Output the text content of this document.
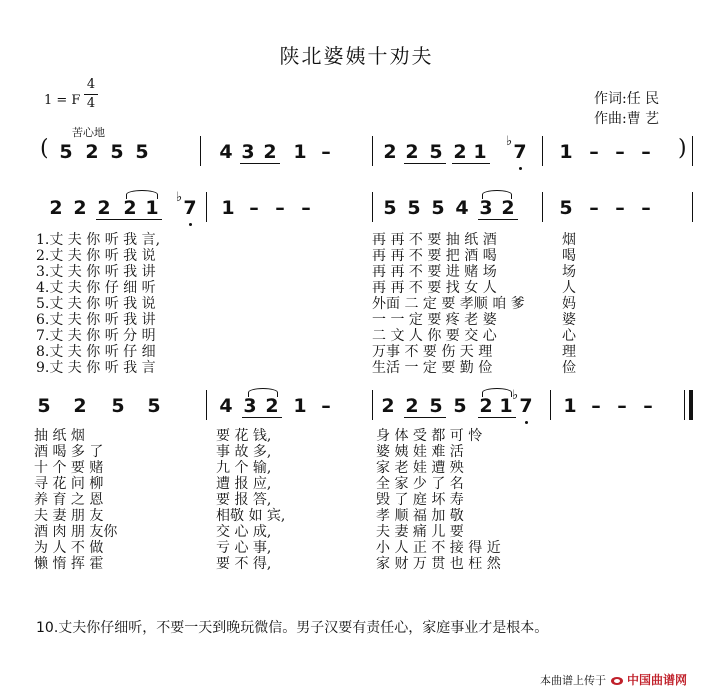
陕北婆姨十劝夫
1 = F
4
4	作词:任 民
作曲:曹 艺
苦心地
( 5 2 5 5	4 3 2 1 –	2 2 5 2 1 ♭ 7 1 – – – )
2 2 2 2 1 ♭ 7 1 – – –	5 5 5 4 3 2 5 – – –
1.丈 夫 你 听 我 言,
2.丈 夫 你 听 我 说
3.丈 夫 你 听 我 讲
4.丈 夫 你 仔 细 听
5.丈 夫 你 听 我 说
6.丈 夫 你 听 我 讲
7.丈 夫 你 听 分 明
8.丈 夫 你 听 仔 细
9.丈 夫 你 听 我 言
再 再 不 要 抽 纸 酒
再 再 不 要 把 酒 喝
再 再 不 要 进 赌 场
再 再 不 要 找 女 人
外面 二 定 要 孝顺 咱 爹
一 一 定 要 疼 老 婆
二 文 人 你 要 交 心
万事 不 要 伤 天 理
生活 一 定 要 勤 俭
烟
喝
场
人
妈
婆
心
理
俭
5 2 5 5	4 3 2 1 –	2 2 5 5 2 1 ♭ 7 1 – – –
抽 纸 烟
酒 喝 多 了
十 个 要 赌
寻 花 问 柳
养 育 之 恩
夫 妻 朋 友
酒 肉 朋 友你
为 人 不 做
懒 惰 挥 霍
要 花 钱,
事 故 多,
九 个 输,
遭 报 应,
要 报 答,
相敬 如 宾,
交 心 成,
亏 心 事,
要 不 得,
身 体 受 都 可 怜
婆 姨 娃 难 活
家 老 娃 遭 殃
全 家 少 了 名
毁 了 庭 坏 寿
孝 顺 福 加 敬
夫 妻 痛 儿 要
小 人 正 不 接 得 近
家 财 万 贯 也 枉 然
10.丈夫你仔细听，不要一天到晚玩微信。男子汉要有责任心，家庭事业才是根本。
本曲谱上传于 中国曲谱网
